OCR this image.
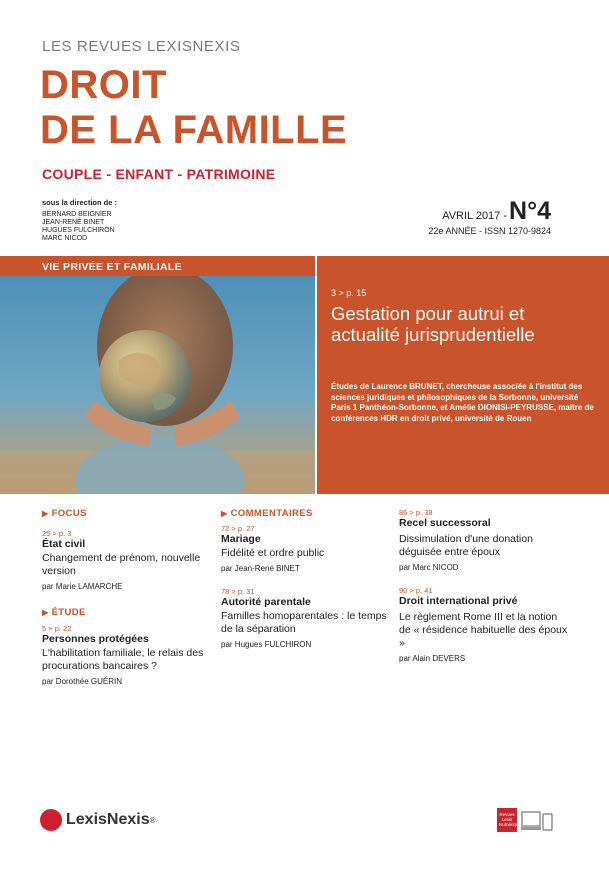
LES REVUES LEXISNEXIS
DROIT
DE LA FAMILLE
COUPLE - ENFANT - PATRIMOINE
sous la direction de :
BERNARD BEIGNIER
JEAN-RENÉ BINET
HUGUES FULCHIRON
MARC NICOD
AVRIL 2017 -N°4
22e ANNÉE - ISSN 1270-9824
VIE PRIVÉE ET FAMILIALE
3 > p. 15
Gestation pour autrui et actualité jurisprudentielle
Études de Laurence BRUNET, chercheuse associée à l'institut des sciences juridiques et philosophiques de la Sorbonne, université Paris 1 Panthéon-Sorbonne, et Amélie DIONISI-PEYRUSSE, maître de conférences HDR en droit privé, université de Rouen
▶ FOCUS
25 > p. 3
État civil
Changement de prénom, nouvelle version
par Marie LAMARCHE
▶ ÉTUDE
5 > p. 22
Personnes protégées
L'habilitation familiale, le relais des procurations bancaires ?
par Dorothée GUÉRIN
▶ COMMENTAIRES
72 > p. 27
Mariage
Fidélité et ordre public
par Jean-René BINET
78 > p. 31
Autorité parentale
Familles homoparentales : le temps de la séparation
par Hugues FULCHIRON
86 > p. 38
Recel successoral
Dissimulation d'une donation déguisée entre époux
par Marc NICOD
90 > p. 41
Droit international privé
Le règlement Rome III et la notion de « résidence habituelle des époux »
par Alain DEVERS
LexisNexis ®
Revues Lexis Numérique
